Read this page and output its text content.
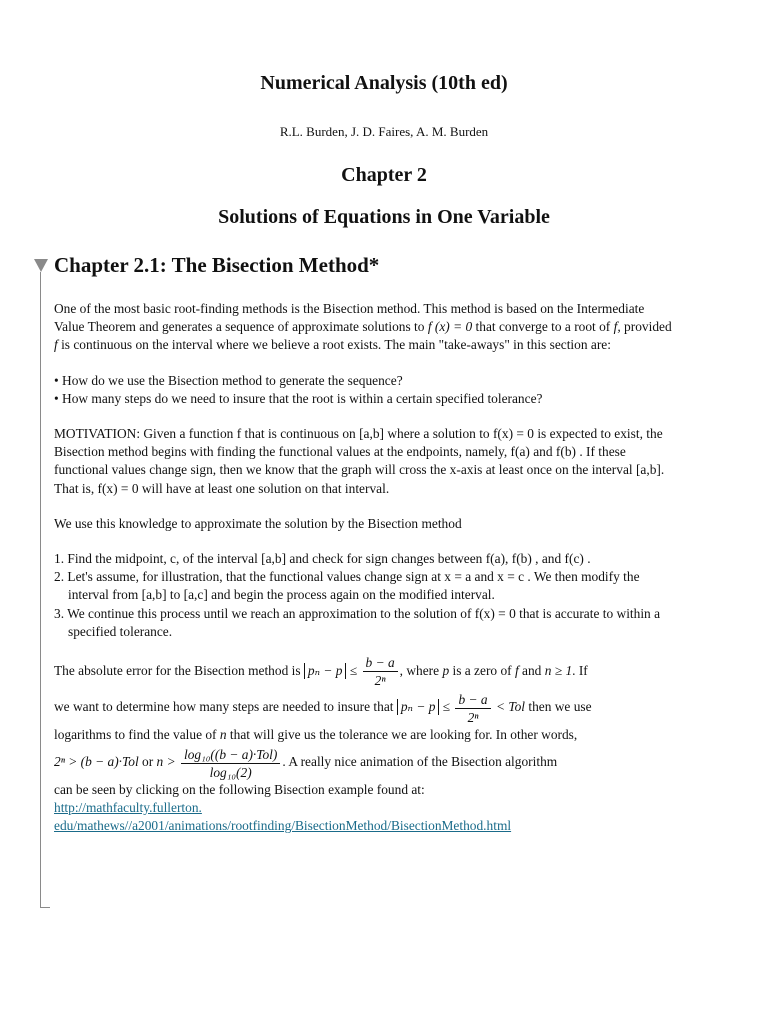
Numerical Analysis (10th ed)
R.L. Burden, J. D. Faires, A. M. Burden
Chapter 2
Solutions of Equations in One Variable
Chapter 2.1: The Bisection Method*

One of the most basic root-finding methods is the Bisection method. This method is based on the Intermediate Value Theorem and generates a sequence of approximate solutions to f (x) = 0 that converge to a root of f, provided f is continuous on the interval where we believe a root exists. The main "take-aways" in this section are:

• How do we use the Bisection method to generate the sequence?

• How many steps do we need to insure that the root is within a certain specified tolerance?

MOTIVATION: Given a function f that is continuous on [a,b] where a solution to f(x) = 0 is expected to exist, the Bisection method begins with finding the functional values at the endpoints, namely, f(a) and f(b) . If these functional values change sign, then we know that the graph will cross the x-axis at least once on the interval [a,b]. That is, f(x) = 0 will have at least one solution on that interval.

We use this knowledge to approximate the solution by the Bisection method

1. Find the midpoint, c, of the interval [a,b] and check for sign changes between f(a), f(b) , and f(c) .
2. Let's assume, for illustration, that the functional values change sign at x = a and x = c . We then modify the interval from [a,b] to [a,c] and begin the process again on the modified interval.
3. We continue this process until we reach an approximation to the solution of f(x) = 0 that is accurate to within a specified tolerance.

The absolute error for the Bisection method is $p_n - p \le \frac{b - a}{\text{2ⁿ}}$ , where p is a zero of f and n ≥ 1. If

we want to determine how many steps are needed to insure that $p_n - p \le \frac{b - a}{\text{2ⁿ}}$ < Tol then we use

logarithms to find the value of n that will give us the tolerance we are looking for. In other words,

2ⁿ > (b − a)·Tol or $n > \frac{\text{log₁₀((b − a)·Tol)}}{\text{log₁₀(2)}}$ . A really nice animation of the Bisection algorithm

can be seen by clicking on the following Bisection example found at:

http://mathfaculty.fullerton.

edu/mathews//a2001/animations/rootfinding/BisectionMethod/BisectionMethod.html
